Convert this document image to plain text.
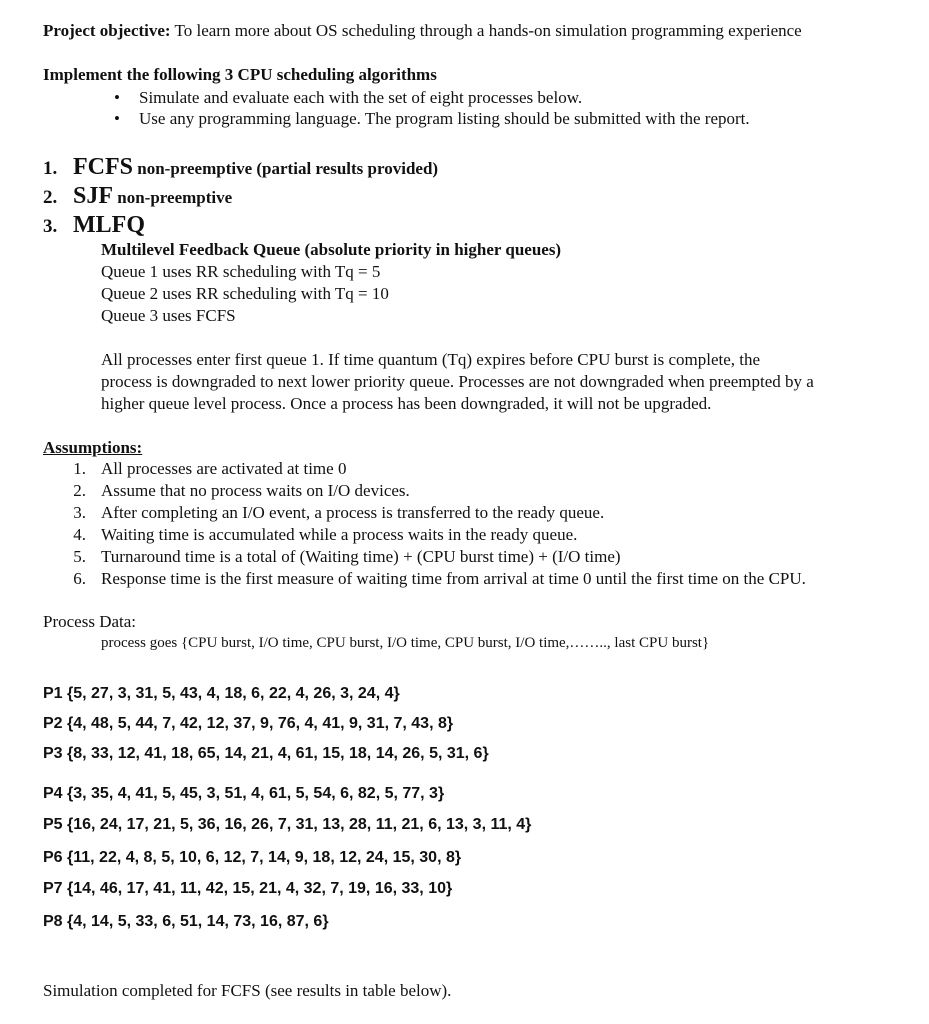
Project objective: To learn more about OS scheduling through a hands-on simulation programming experience
Implement the following 3 CPU scheduling algorithms
• Simulate and evaluate each with the set of eight processes below.
• Use any programming language. The program listing should be submitted with the report.
1. FCFS non-preemptive (partial results provided)
2. SJF non-preemptive
3. MLFQ
Multilevel Feedback Queue (absolute priority in higher queues)
Queue 1 uses RR scheduling with Tq = 5
Queue 2 uses RR scheduling with Tq = 10
Queue 3 uses FCFS
All processes enter first queue 1. If time quantum (Tq) expires before CPU burst is complete, the
process is downgraded to next lower priority queue. Processes are not downgraded when preempted by a
higher queue level process. Once a process has been downgraded, it will not be upgraded.
Assumptions:
1. All processes are activated at time 0
2. Assume that no process waits on I/O devices.
3. After completing an I/O event, a process is transferred to the ready queue.
4. Waiting time is accumulated while a process waits in the ready queue.
5. Turnaround time is a total of (Waiting time) + (CPU burst time) + (I/O time)
6. Response time is the first measure of waiting time from arrival at time 0 until the first time on the CPU.
Process Data:
process goes {CPU burst, I/O time, CPU burst, I/O time, CPU burst, I/O time,…….., last CPU burst}
P1 {5, 27, 3, 31, 5, 43, 4, 18, 6, 22, 4, 26, 3, 24, 4}
P2 {4, 48, 5, 44, 7, 42, 12, 37, 9, 76, 4, 41, 9, 31, 7, 43, 8}
P3 {8, 33, 12, 41, 18, 65, 14, 21, 4, 61, 15, 18, 14, 26, 5, 31, 6}
P4 {3, 35, 4, 41, 5, 45, 3, 51, 4, 61, 5, 54, 6, 82, 5, 77, 3}
P5 {16, 24, 17, 21, 5, 36, 16, 26, 7, 31, 13, 28, 11, 21, 6, 13, 3, 11, 4}
P6 {11, 22, 4, 8, 5, 10, 6, 12, 7, 14, 9, 18, 12, 24, 15, 30, 8}
P7 {14, 46, 17, 41, 11, 42, 15, 21, 4, 32, 7, 19, 16, 33, 10}
P8 {4, 14, 5, 33, 6, 51, 14, 73, 16, 87, 6}
Simulation completed for FCFS (see results in table below).
